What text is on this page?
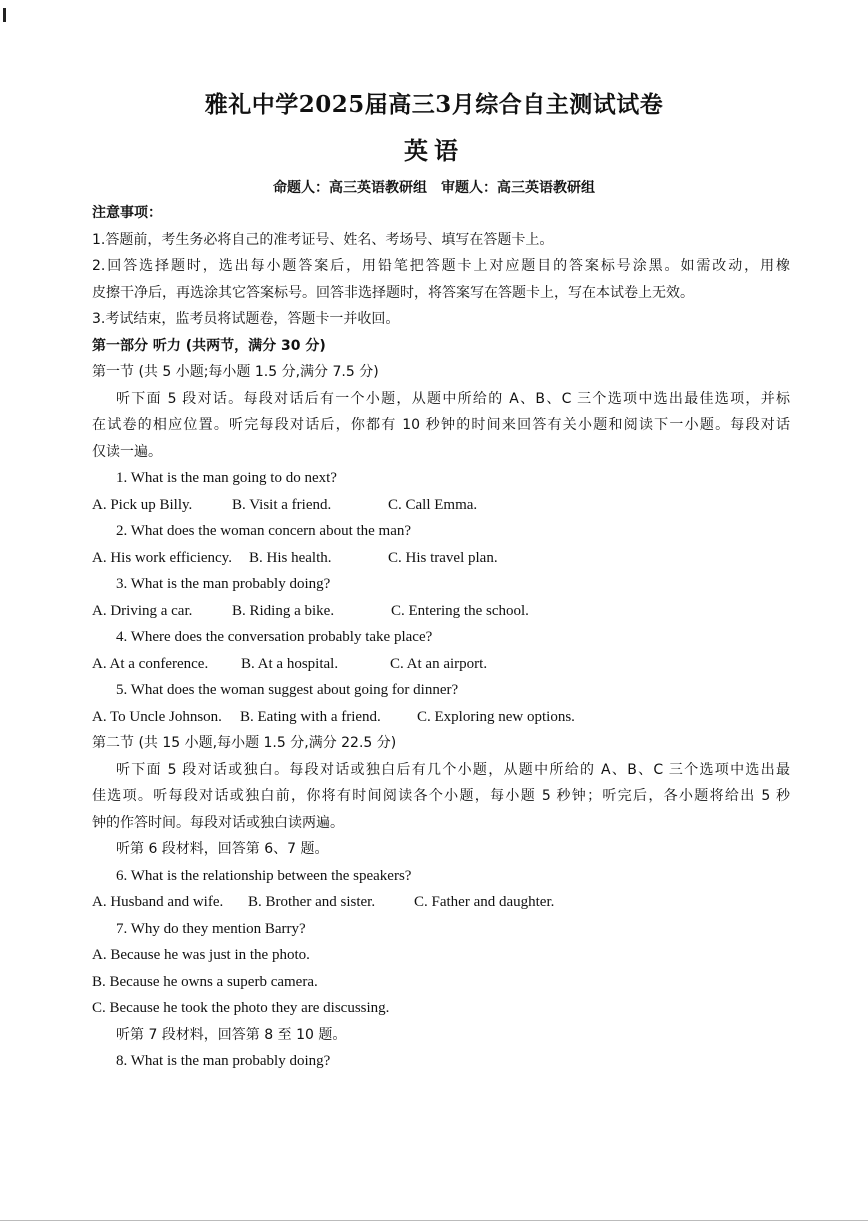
雅礼中学2025届高三3月综合自主测试试卷
英语
命题人：高三英语教研组 审题人：高三英语教研组
注意事项：
1.答题前，考生务必将自己的准考证号、姓名、考场号、填写在答题卡上。
2.回答选择题时，选出每小题答案后，用铅笔把答题卡上对应题目的答案标号涂黑。如需改动，用橡
皮擦干净后，再选涂其它答案标号。回答非选择题时，将答案写在答题卡上，写在本试卷上无效。
3.考试结束，监考员将试题卷，答题卡一并收回。
第一部分 听力 (共两节，满分 30 分)
第一节 (共 5 小题;每小题 1.5 分,满分 7.5 分)
听下面 5 段对话。每段对话后有一个小题，从题中所给的 A、B、C 三个选项中选出最佳选项，并标
在试卷的相应位置。听完每段对话后，你都有 10 秒钟的时间来回答有关小题和阅读下一小题。每段对话
仅读一遍。
1. What is the man going to do next?
A. Pick up Billy.	B. Visit a friend.	C. Call Emma.
2. What does the woman concern about the man?
A. His work efficiency.	B. His health.	C. His travel plan.
3. What is the man probably doing?
A. Driving a car.	B. Riding a bike.	C. Entering the school.
4. Where does the conversation probably take place?
A. At a conference.	B. At a hospital.	C. At an airport.
5. What does the woman suggest about going for dinner?
A. To Uncle Johnson.	B. Eating with a friend.	C. Exploring new options.
第二节 (共 15 小题,每小题 1.5 分,满分 22.5 分)
听下面 5 段对话或独白。每段对话或独白后有几个小题，从题中所给的 A、B、C 三个选项中选出最
佳选项。听每段对话或独白前，你将有时间阅读各个小题，每小题 5 秒钟；听完后，各小题将给出 5 秒
钟的作答时间。每段对话或独白读两遍。
听第 6 段材料，回答第 6、7 题。
6. What is the relationship between the speakers?
A. Husband and wife.	B. Brother and sister.	C. Father and daughter.
7. Why do they mention Barry?
A. Because he was just in the photo.
B. Because he owns a superb camera.
C. Because he took the photo they are discussing.
听第 7 段材料，回答第 8 至 10 题。
8. What is the man probably doing?
